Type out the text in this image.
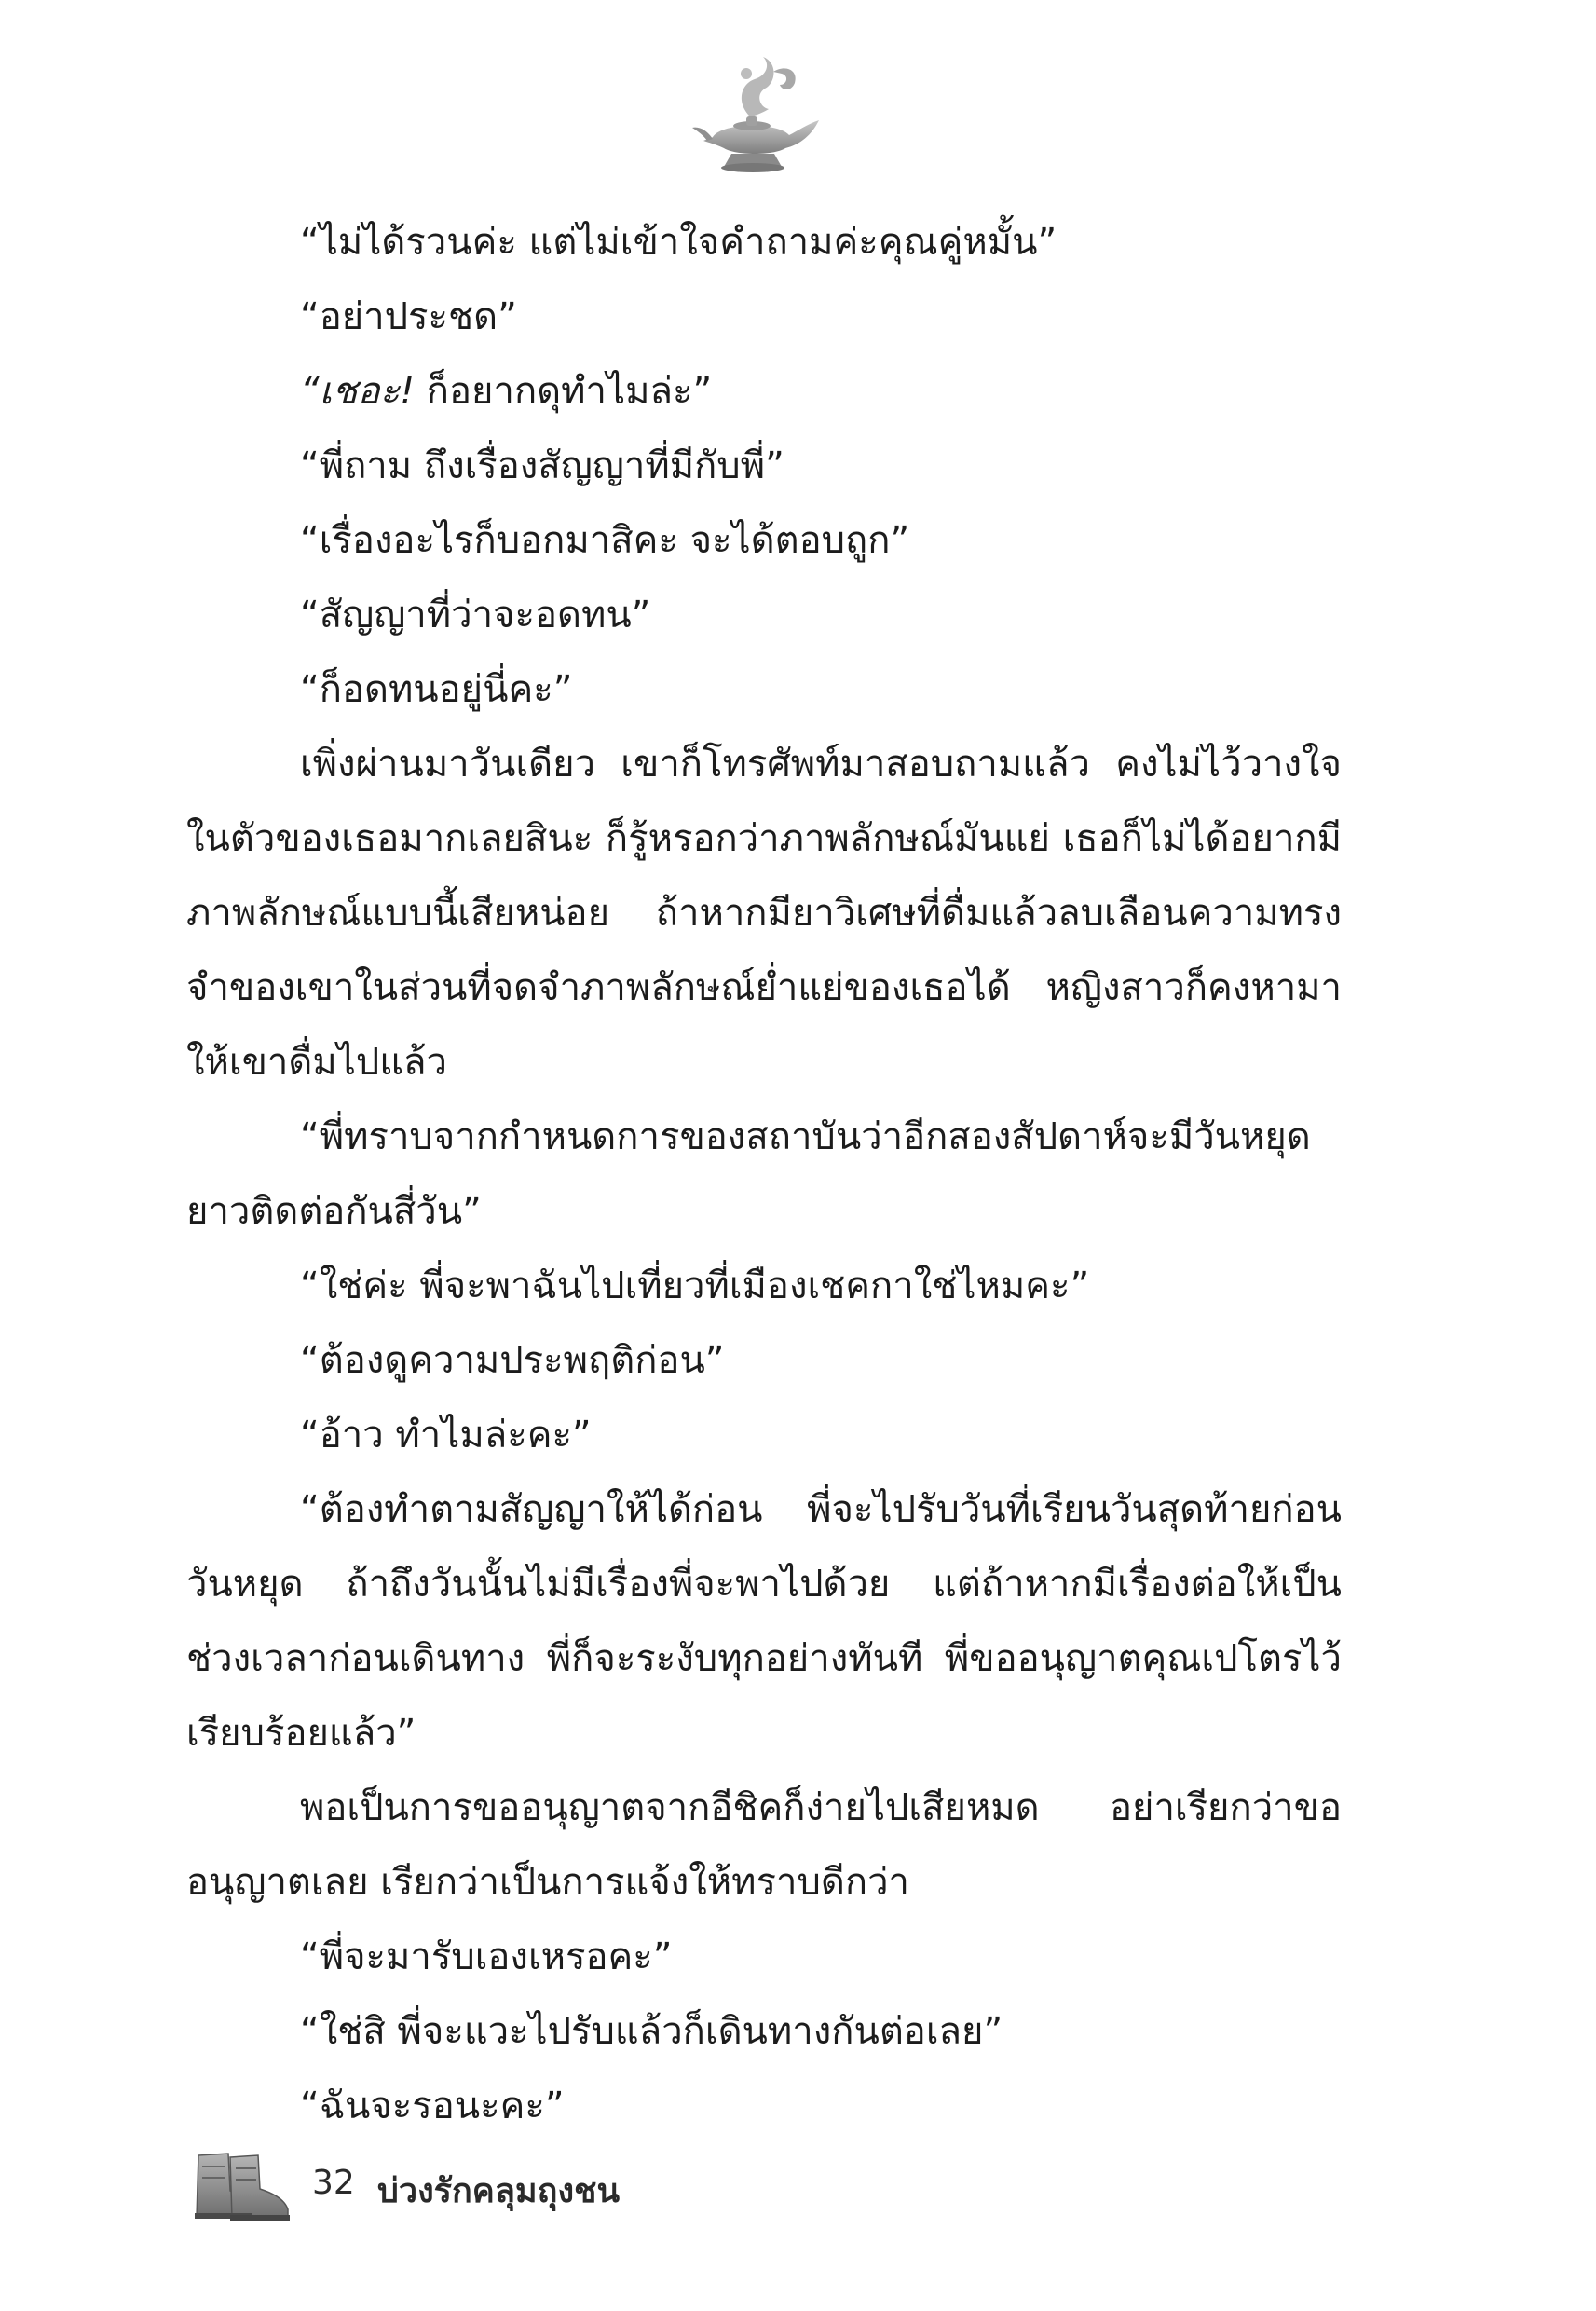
“ไม่ได้รวนค่ะ แต่ไม่เข้าใจคำถามค่ะคุณคู่หมั้น”

“อย่าประชด”

“เชอะ! ก็อยากดุทำไมล่ะ”

“พี่ถาม ถึงเรื่องสัญญาที่มีกับพี่”

“เรื่องอะไรก็บอกมาสิคะ จะได้ตอบถูก”

“สัญญาที่ว่าจะอดทน”

“ก็อดทนอยู่นี่คะ”

เพิ่งผ่านมาวันเดียว เขาก็โทรศัพท์มาสอบถามแล้ว คงไม่ไว้วางใจในตัวของเธอมากเลยสินะ ก็รู้หรอกว่าภาพลักษณ์มันแย่ เธอก็ไม่ได้อยากมีภาพลักษณ์แบบนี้เสียหน่อย ถ้าหากมียาวิเศษที่ดื่มแล้วลบเลือนความทรงจำของเขาในส่วนที่จดจำภาพลักษณ์ย่ำแย่ของเธอได้ หญิงสาวก็คงหามาให้เขาดื่มไปแล้ว

“พี่ทราบจากกำหนดการของสถาบันว่าอีกสองสัปดาห์จะมีวันหยุดยาวติดต่อกันสี่วัน”

“ใช่ค่ะ พี่จะพาฉันไปเที่ยวที่เมืองเชคกาใช่ไหมคะ”

“ต้องดูความประพฤติก่อน”

“อ้าว ทำไมล่ะคะ”

“ต้องทำตามสัญญาให้ได้ก่อน พี่จะไปรับวันที่เรียนวันสุดท้ายก่อนวันหยุด ถ้าถึงวันนั้นไม่มีเรื่องพี่จะพาไปด้วย แต่ถ้าหากมีเรื่องต่อให้เป็นช่วงเวลาก่อนเดินทาง พี่ก็จะระงับทุกอย่างทันที พี่ขออนุญาตคุณเปโตรไว้เรียบร้อยแล้ว”

พอเป็นการขออนุญาตจากอีชิคก็ง่ายไปเสียหมด อย่าเรียกว่าขออนุญาตเลย เรียกว่าเป็นการแจ้งให้ทราบดีกว่า

“พี่จะมารับเองเหรอคะ”

“ใช่สิ พี่จะแวะไปรับแล้วก็เดินทางกันต่อเลย”

“ฉันจะรอนะคะ”

32 บ่วงรักคลุมถุงชน
